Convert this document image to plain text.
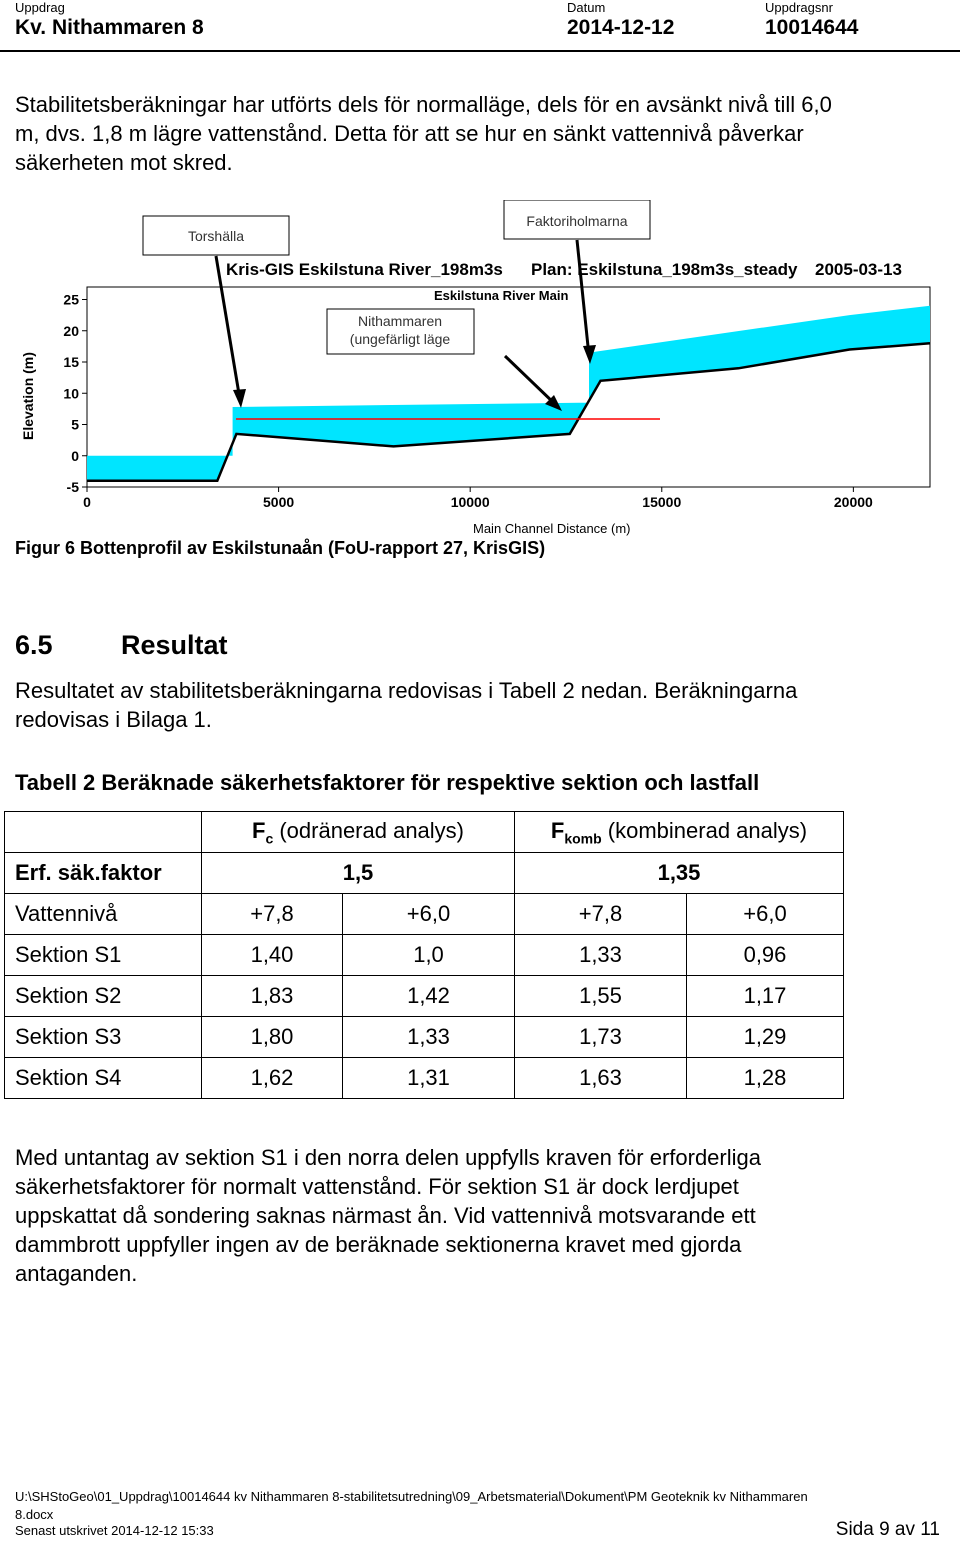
Uppdrag
Kv. Nithammaren 8
Datum
2014-12-12
Uppdragsnr
10014644
Stabilitetsberäkningar har utförts dels för normalläge, dels för en avsänkt nivå till 6,0
m, dvs. 1,8 m lägre vattenstånd. Detta för att se hur en sänkt vattennivå påverkar
säkerheten mot skred.
25
20
15
10
5
0
-5
0	5000	10000	15000	20000
Kris-GIS Eskilstuna River_198m3s Plan: Eskilstuna_198m3s_steady 2005-03-13
Eskilstuna River Main
Main Channel Distance (m)
Elevation (m)
Torshälla
Faktoriholmarna
Nithammaren
(ungefärligt läge
Figur 6 Bottenprofil av Eskilstunaån (FoU-rapport 27, KrisGIS)
6.5	Resultat
Resultatet av stabilitetsberäkningarna redovisas i Tabell 2 nedan. Beräkningarna
redovisas i Bilaga 1.
Tabell 2 Beräknade säkerhetsfaktorer för respektive sektion och lastfall
	$F_c$ (odränerad analys)		$F_{komb}$ (kombinerad analys)	
Erf. säk.faktor	1,5		1,35	
Vattennivå	+7,8	+6,0	+7,8	+6,0
Sektion S1	1,40	1,0	1,33	0,96
Sektion S2	1,83	1,42	1,55	1,17
Sektion S3	1,80	1,33	1,73	1,29
Sektion S4	1,62	1,31	1,63	1,28
Med untantag av sektion S1 i den norra delen uppfylls kraven för erforderliga
säkerhetsfaktorer för normalt vattenstånd. För sektion S1 är dock lerdjupet
uppskattat då sondering saknas närmast ån. Vid vattennivå motsvarande ett
dammbrott uppfyller ingen av de beräknade sektionerna kravet med gjorda
antaganden.
U:\SHStoGeo\01_Uppdrag\10014644 kv Nithammaren 8-stabilitetsutredning\09_Arbetsmaterial\Dokument\PM Geoteknik kv Nithammaren
8.docx
Senast utskrivet 2014-12-12 15:33	Sida 9 av 11
